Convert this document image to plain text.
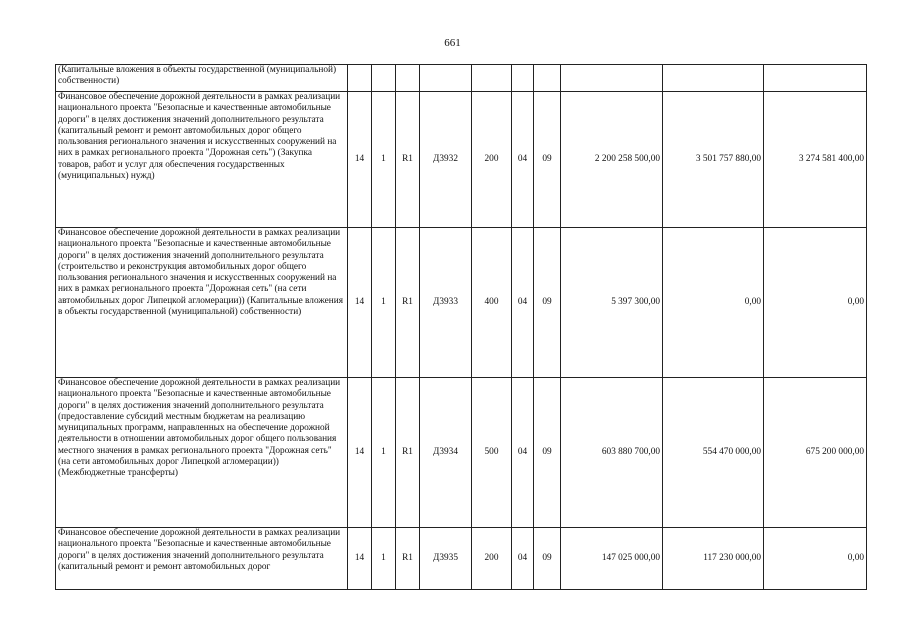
661
(Капитальные вложения в объекты государственной (муниципальной) собственности)										
Финансовое обеспечение дорожной деятельности в рамках реализации национального проекта "Безопасные и качественные автомобильные дороги" в целях достижения значений дополнительного результата (капитальный ремонт и ремонт автомобильных дорог общего пользования регионального значения и искусственных сооружений на них в рамках регионального проекта "Дорожная сеть") (Закупка товаров, работ и услуг для обеспечения государственных (муниципальных) нужд)	14	1	R1	Д3932	200	04	09	2 200 258 500,00	3 501 757 880,00	3 274 581 400,00
Финансовое обеспечение дорожной деятельности в рамках реализации национального проекта "Безопасные и качественные автомобильные дороги" в целях достижения значений дополнительного результата (строительство и реконструкция автомобильных дорог общего пользования регионального значения и искусственных сооружений на них в рамках регионального проекта "Дорожная сеть" (на сети автомобильных дорог Липецкой агломерации)) (Капитальные вложения в объекты государственной (муниципальной) собственности)	14	1	R1	Д3933	400	04	09	5 397 300,00	0,00	0,00
Финансовое обеспечение дорожной деятельности в рамках реализации национального проекта "Безопасные и качественные автомобильные дороги" в целях достижения значений дополнительного результата (предоставление субсидий местным бюджетам на реализацию муниципальных программ, направленных на обеспечение дорожной деятельности в отношении автомобильных дорог общего пользования местного значения в рамках регионального проекта "Дорожная сеть" (на сети автомобильных дорог Липецкой агломерации)) (Межбюджетные трансферты)	14	1	R1	Д3934	500	04	09	603 880 700,00	554 470 000,00	675 200 000,00
Финансовое обеспечение дорожной деятельности в рамках реализации национального проекта "Безопасные и качественные автомобильные дороги" в целях достижения значений дополнительного результата (капитальный ремонт и ремонт автомобильных дорог	14	1	R1	Д3935	200	04	09	147 025 000,00	117 230 000,00	0,00
